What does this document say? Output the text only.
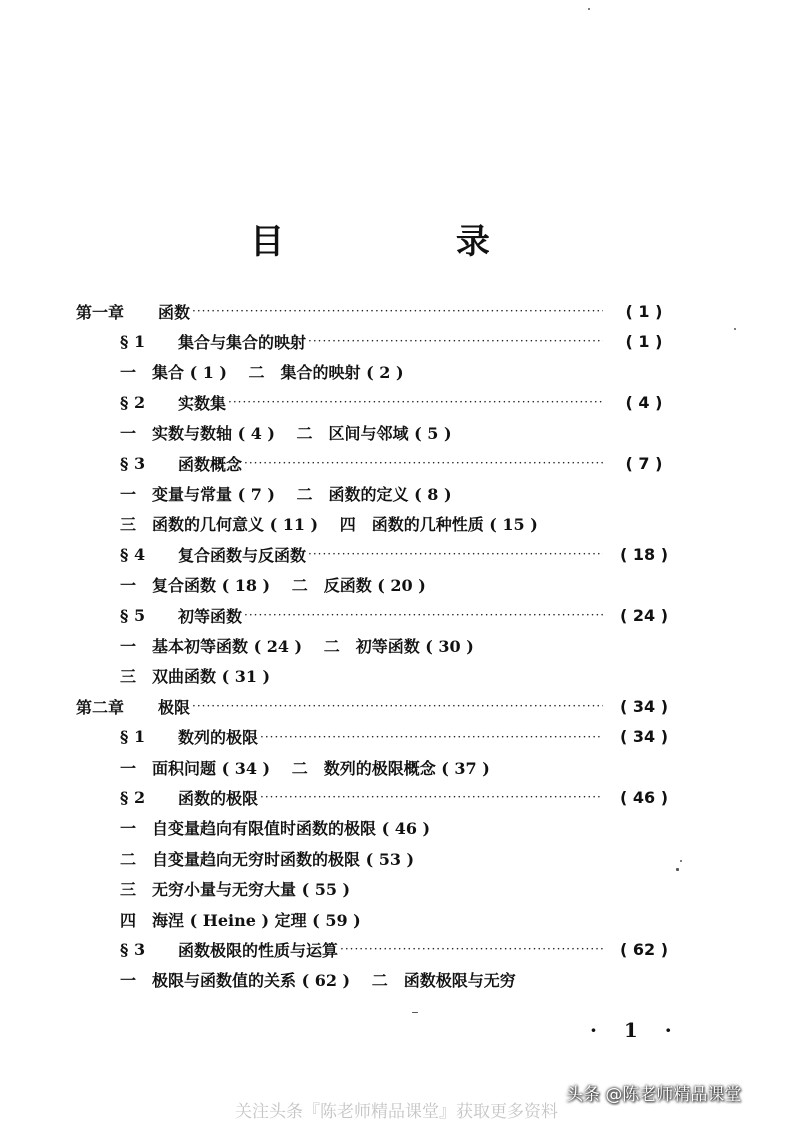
目 录
第一章	函数 ·····	( 1 )
§ 1	集合与集合的映射 ·····	( 1 )
一　集合 ( 1 )　 二　集合的映射 ( 2 )
§ 2	实数集 ·····	( 4 )
一　实数与数轴 ( 4 )　 二　区间与邻域 ( 5 )
§ 3	函数概念 ·····	( 7 )
一　变量与常量 ( 7 )　 二　函数的定义 ( 8 )
三　函数的几何意义 ( 11 )　 四　函数的几种性质 ( 15 )
§ 4	复合函数与反函数 ·····	( 18 )
一　复合函数 ( 18 )　 二　反函数 ( 20 )
§ 5	初等函数 ·····	( 24 )
一　基本初等函数 ( 24 )　 二　初等函数 ( 30 )
三　双曲函数 ( 31 )
第二章	极限 ·····	( 34 )
§ 1	数列的极限 ·····	( 34 )
一　面积问题 ( 34 )　 二　数列的极限概念 ( 37 )
§ 2	函数的极限 ·····	( 46 )
一　自变量趋向有限值时函数的极限 ( 46 )
二　自变量趋向无穷时函数的极限 ( 53 )
三　无穷小量与无穷大量 ( 55 )
四　海涅 ( Heine ) 定理 ( 59 )
§ 3	函数极限的性质与运算 ·····	( 62 )
一　极限与函数值的关系 ( 62 )　 二　函数极限与无穷
· 1 ·
关注头条『陈老师精品课堂』获取更多资料
头条 @陈老师精品课堂
